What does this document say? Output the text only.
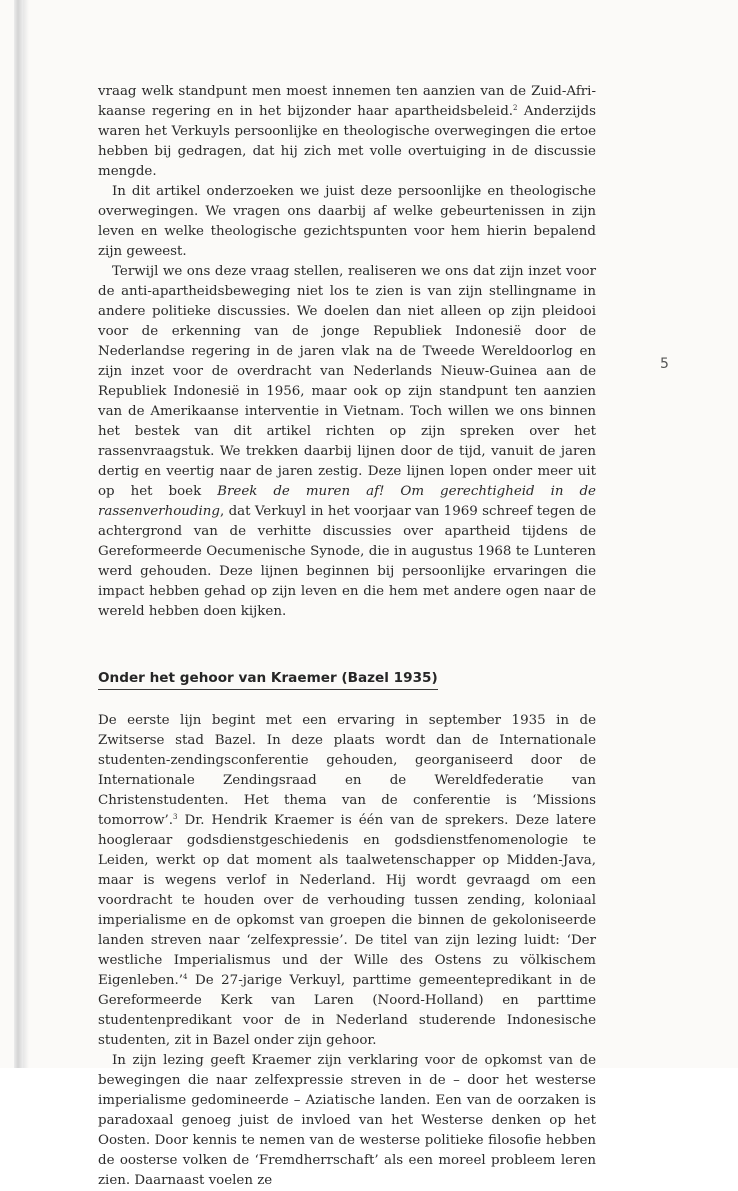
vraag welk standpunt men moest innemen ten aanzien van de Zuid-Afrikaanse regering en in het bijzonder haar apartheidsbeleid.$^2$ Anderzijds waren het Verkuyls persoonlijke en theologische overwegingen die ertoe hebben bij gedragen, dat hij zich met volle overtuiging in de discussie mengde.

In dit artikel onderzoeken we juist deze persoonlijke en theologische overwegingen. We vragen ons daarbij af welke gebeurtenissen in zijn leven en welke theologische gezichtspunten voor hem hierin bepalend zijn geweest.

Terwijl we ons deze vraag stellen, realiseren we ons dat zijn inzet voor de anti-apartheidsbeweging niet los te zien is van zijn stellingname in andere politieke discussies. We doelen dan niet alleen op zijn pleidooi voor de erkenning van de jonge Republiek Indonesië door de Nederlandse regering in de jaren vlak na de Tweede Wereldoorlog en zijn inzet voor de overdracht van Nederlands Nieuw-Guinea aan de Republiek Indonesië in 1956, maar ook op zijn standpunt ten aanzien van de Amerikaanse interventie in Vietnam. Toch willen we ons binnen het bestek van dit artikel richten op zijn spreken over het rassenvraagstuk. We trekken daarbij lijnen door de tijd, vanuit de jaren dertig en veertig naar de jaren zestig. Deze lijnen lopen onder meer uit op het boek Breek de muren af! Om gerechtigheid in de rassenverhouding, dat Verkuyl in het voorjaar van 1969 schreef tegen de achtergrond van de verhitte discussies over apartheid tijdens de Gereformeerde Oecumenische Synode, die in augustus 1968 te Lunteren werd gehouden. Deze lijnen beginnen bij persoonlijke ervaringen die impact hebben gehad op zijn leven en die hem met andere ogen naar de wereld hebben doen kijken.

Onder het gehoor van Kraemer (Bazel 1935)

De eerste lijn begint met een ervaring in september 1935 in de Zwitserse stad Bazel. In deze plaats wordt dan de Internationale studenten-zendingsconferentie gehouden, georganiseerd door de Internationale Zendingsraad en de Wereldfederatie van Christenstudenten. Het thema van de conferentie is ‘Missions tomorrow’.$^3$ Dr. Hendrik Kraemer is één van de sprekers. Deze latere hoogleraar godsdienstgeschiedenis en godsdienstfenomenologie te Leiden, werkt op dat moment als taalwetenschapper op Midden-Java, maar is wegens verlof in Nederland. Hij wordt gevraagd om een voordracht te houden over de verhouding tussen zending, koloniaal imperialisme en de opkomst van groepen die binnen de gekoloniseerde landen streven naar ‘zelfexpressie’. De titel van zijn lezing luidt: ‘Der westliche Imperialismus und der Wille des Ostens zu völkischem Eigenleben.’$^4$ De 27-jarige Verkuyl, parttime gemeentepredikant in de Gereformeerde Kerk van Laren (Noord-Holland) en parttime studentenpredikant voor de in Nederland studerende Indonesische studenten, zit in Bazel onder zijn gehoor.

In zijn lezing geeft Kraemer zijn verklaring voor de opkomst van de bewegingen die naar zelfexpressie streven in de – door het westerse imperialisme gedomineerde – Aziatische landen. Een van de oorzaken is paradoxaal genoeg juist de invloed van het Westerse denken op het Oosten. Door kennis te nemen van de westerse politieke filosofie hebben de oosterse volken de ‘Fremdherrschaft’ als een moreel probleem leren zien. Daarnaast voelen ze

5
